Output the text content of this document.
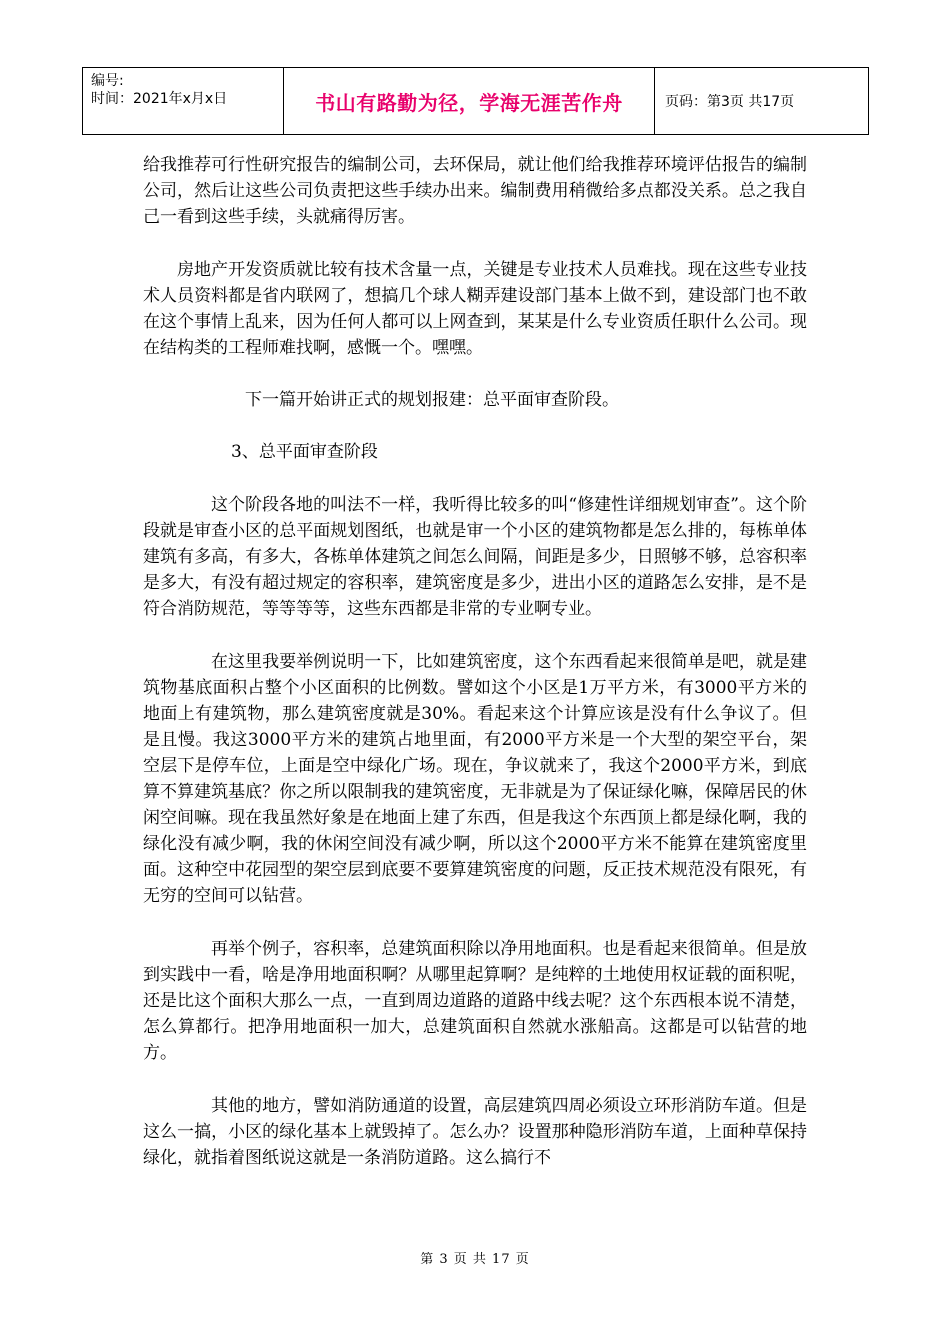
编号:
时间：2021年x月x日	书山有路勤为径，学海无涯苦作舟	页码：第3页 共17页

给我推荐可行性研究报告的编制公司，去环保局，就让他们给我推荐环境评估报告的编制公司，然后让这些公司负责把这些手续办出来。编制费用稍微给多点都没关系。总之我自己一看到这些手续，头就痛得厉害。

房地产开发资质就比较有技术含量一点，关键是专业技术人员难找。现在这些专业技术人员资料都是省内联网了，想搞几个球人糊弄建设部门基本上做不到，建设部门也不敢在这个事情上乱来，因为任何人都可以上网查到，某某是什么专业资质任职什么公司。现在结构类的工程师难找啊，感慨一个。嘿嘿。

下一篇开始讲正式的规划报建：总平面审查阶段。

3、总平面审查阶段

这个阶段各地的叫法不一样，我听得比较多的叫“修建性详细规划审查”。这个阶段就是审查小区的总平面规划图纸，也就是审一个小区的建筑物都是怎么排的，每栋单体建筑有多高，有多大，各栋单体建筑之间怎么间隔，间距是多少，日照够不够，总容积率是多大，有没有超过规定的容积率，建筑密度是多少，进出小区的道路怎么安排，是不是符合消防规范，等等等等，这些东西都是非常的专业啊专业。

在这里我要举例说明一下，比如建筑密度，这个东西看起来很简单是吧，就是建筑物基底面积占整个小区面积的比例数。譬如这个小区是1万平方米，有3000平方米的地面上有建筑物，那么建筑密度就是30%。看起来这个计算应该是没有什么争议了。但是且慢。我这3000平方米的建筑占地里面，有2000平方米是一个大型的架空平台，架空层下是停车位，上面是空中绿化广场。现在，争议就来了，我这个2000平方米，到底算不算建筑基底？你之所以限制我的建筑密度，无非就是为了保证绿化嘛，保障居民的休闲空间嘛。现在我虽然好象是在地面上建了东西，但是我这个东西顶上都是绿化啊，我的绿化没有减少啊，我的休闲空间没有减少啊，所以这个2000平方米不能算在建筑密度里面。这种空中花园型的架空层到底要不要算建筑密度的问题，反正技术规范没有限死，有无穷的空间可以钻营。

再举个例子，容积率，总建筑面积除以净用地面积。也是看起来很简单。但是放到实践中一看，啥是净用地面积啊？从哪里起算啊？是纯粹的土地使用权证载的面积呢，还是比这个面积大那么一点，一直到周边道路的道路中线去呢？这个东西根本说不清楚，怎么算都行。把净用地面积一加大，总建筑面积自然就水涨船高。这都是可以钻营的地方。

其他的地方，譬如消防通道的设置，高层建筑四周必须设立环形消防车道。但是这么一搞，小区的绿化基本上就毁掉了。怎么办？设置那种隐形消防车道，上面种草保持绿化，就指着图纸说这就是一条消防道路。这么搞行不

第 3 页 共 17 页
